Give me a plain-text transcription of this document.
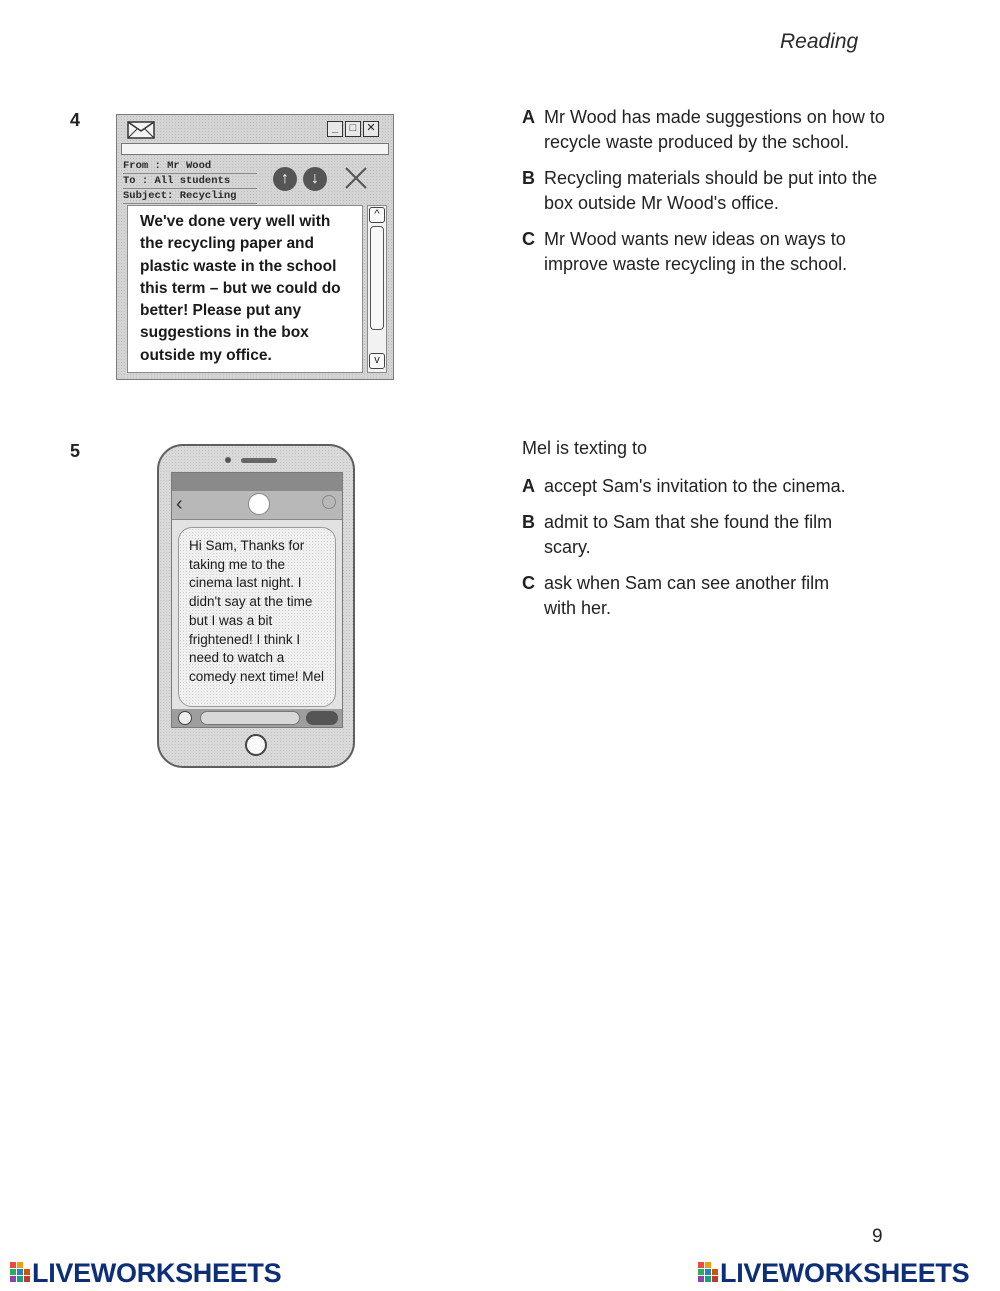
Reading
4	_	□ ✕
From : Mr Wood
To : All students
Subject: Recycling
↑	↓
We've done very well with the recycling paper and plastic waste in the school this term – but we could do better! Please put any suggestions in the box outside my office.
^
v
A Mr Wood has made suggestions on how to recycle waste produced by the school.
B Recycling materials should be put into the box outside Mr Wood's office.
C Mr Wood wants new ideas on ways to improve waste recycling in the school.
5
‹
Hi Sam, Thanks for taking me to the cinema last night. I didn't say at the time but I was a bit frightened! I think I need to watch a comedy next time! Mel
Mel is texting to
A accept Sam's invitation to the cinema.
B admit to Sam that she found the film scary.
C ask when Sam can see another film with her.
9
LIVEWORKSHEETS	LIVEWORKSHEETS
